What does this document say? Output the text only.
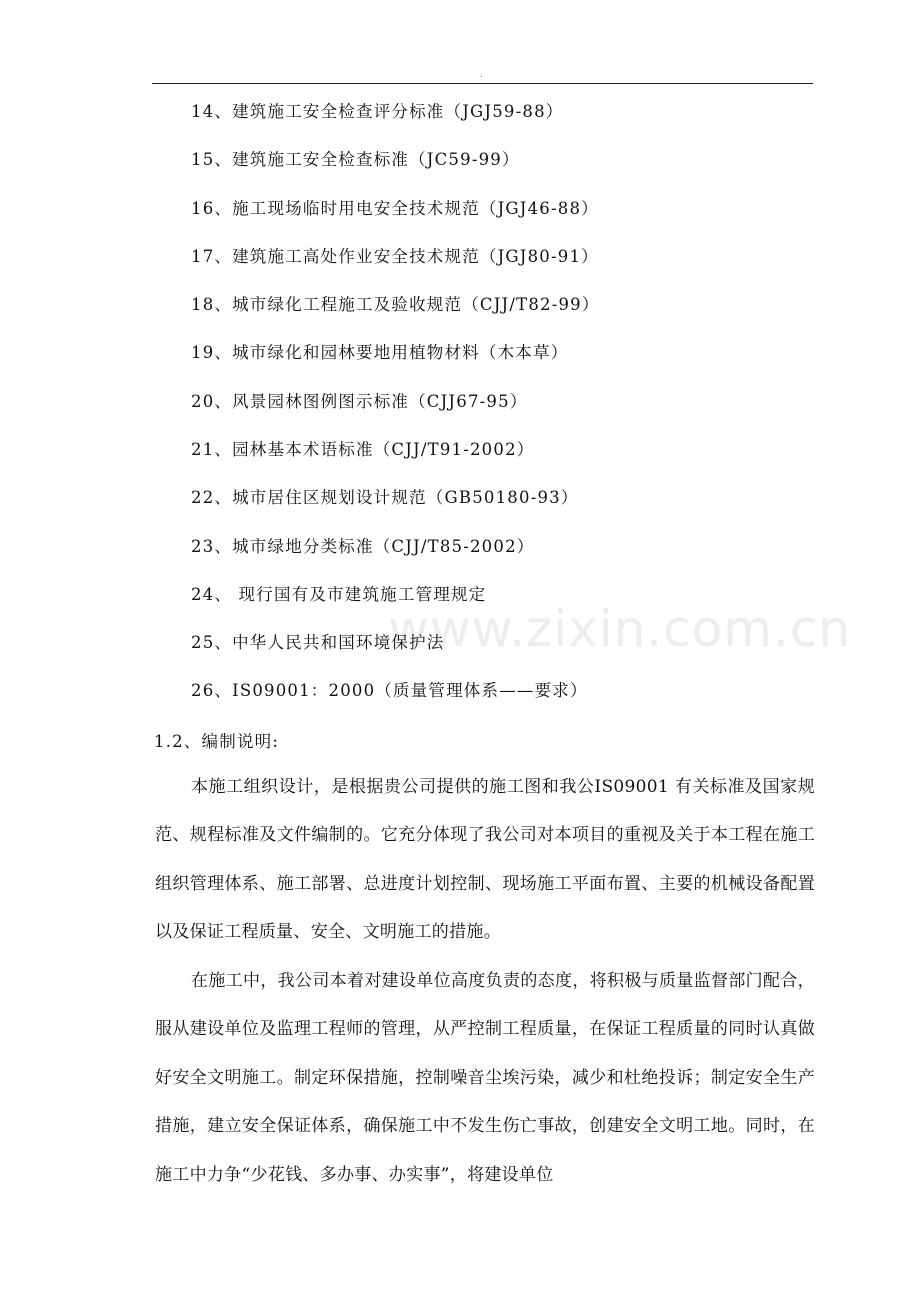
.
www.zixin.com.cn
14、建筑施工安全检查评分标准（JGJ59-88）
15、建筑施工安全检查标准（JC59-99）
16、施工现场临时用电安全技术规范（JGJ46-88）
17、建筑施工高处作业安全技术规范（JGJ80-91）
18、城市绿化工程施工及验收规范（CJJ/T82-99）
19、城市绿化和园林要地用植物材料（木本草）
20、风景园林图例图示标准（CJJ67-95）
21、园林基本术语标准（CJJ/T91-2002）
22、城市居住区规划设计规范（GB50180-93）
23、城市绿地分类标准（CJJ/T85-2002）
24、 现行国有及市建筑施工管理规定
25、中华人民共和国环境保护法
26、IS09001：2000（质量管理体系——要求）
1.2、编制说明:

本施工组织设计，是根据贵公司提供的施工图和我公IS09001 有关标准及国家规范、规程标准及文件编制的。它充分体现了我公司对本项目的重视及关于本工程在施工组织管理体系、施工部署、总进度计划控制、现场施工平面布置、主要的机械设备配置以及保证工程质量、安全、文明施工的措施。

在施工中，我公司本着对建设单位高度负责的态度，将积极与质量监督部门配合，服从建设单位及监理工程师的管理，从严控制工程质量，在保证工程质量的同时认真做好安全文明施工。制定环保措施，控制噪音尘埃污染，减少和杜绝投诉；制定安全生产措施，建立安全保证体系，确保施工中不发生伤亡事故，创建安全文明工地。同时，在施工中力争“少花钱、多办事、办实事”，将建设单位
